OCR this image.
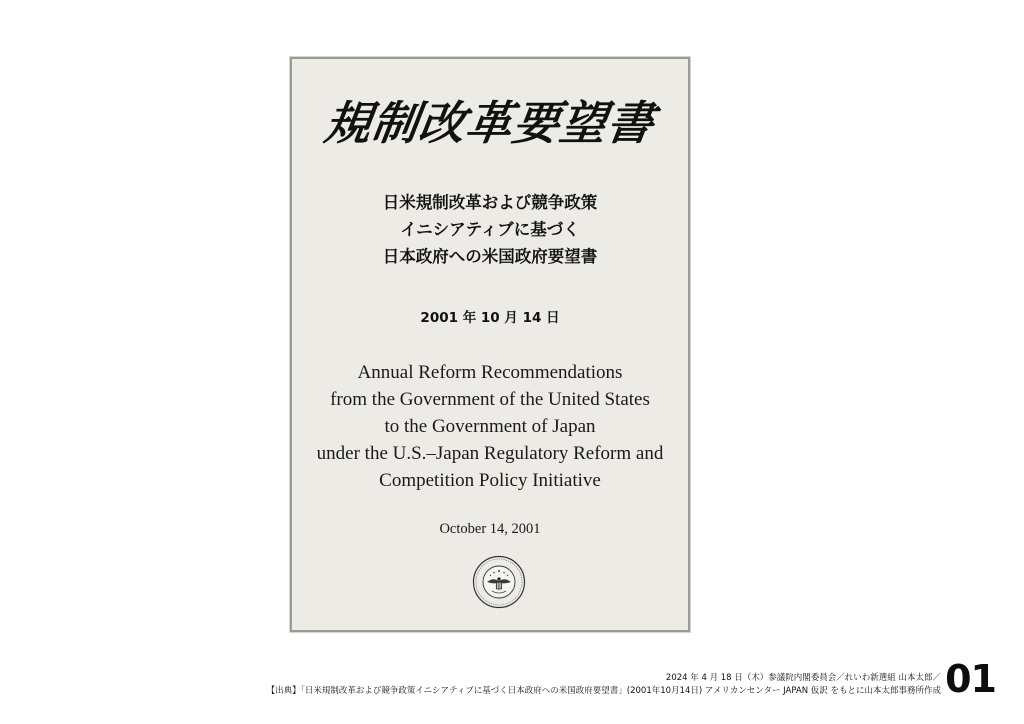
規制改革要望書
日米規制改革および競争政策
イニシアティブに基づく
日本政府への米国政府要望書
2001 年 10 月 14 日
Annual Reform Recommendations
from the Government of the United States
to the Government of Japan
under the U.S.–Japan Regulatory Reform and
Competition Policy Initiative
October 14, 2001
2024 年 4 月 18 日（木）参議院内閣委員会／れいわ新選組 山本太郎／
【出典】「日米規制改革および競争政策イニシアティブに基づく日本政府への米国政府要望書」(2001年10月14日) アメリカンセンター JAPAN 仮訳 をもとに山本太郎事務所作成 01
